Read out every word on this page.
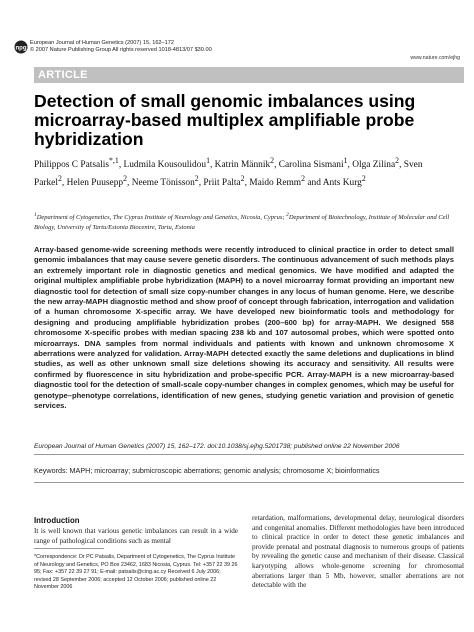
npg
European Journal of Human Genetics (2007) 15, 162–172
© 2007 Nature Publishing Group All rights reserved 1018-4813/07 $30.00
www.nature.com/ejhg
ARTICLE
Detection of small genomic imbalances using microarray-based multiplex amplifiable probe hybridization
Philippos C Patsalis$^{*,1}$, Ludmila Kousoulidou$^1$, Katrin Männik$^2$, Carolina Sismani$^1$, Olga Zilina$^2$, Sven Parkel$^2$, Helen Puusepp$^2$, Neeme Tönisson$^2$, Priit Palta$^2$, Maido Remm$^2$ and Ants Kurg$^2$
$^1$Department of Cytogenetics, The Cyprus Institute of Neurology and Genetics, Nicosia, Cyprus; $^2$Department of Biotechnology, Institute of Molecular and Cell Biology, University of Tartu/Estonia Biocentre, Tartu, Estonia
Array-based genome-wide screening methods were recently introduced to clinical practice in order to detect small genomic imbalances that may cause severe genetic disorders. The continuous advancement of such methods plays an extremely important role in diagnostic genetics and medical genomics. We have modified and adapted the original multiplex amplifiable probe hybridization (MAPH) to a novel microarray format providing an important new diagnostic tool for detection of small size copy-number changes in any locus of human genome. Here, we describe the new array-MAPH diagnostic method and show proof of concept through fabrication, interrogation and validation of a human chromosome X-specific array. We have developed new bioinformatic tools and methodology for designing and producing amplifiable hybridization probes (200–600 bp) for array-MAPH. We designed 558 chromosome X-specific probes with median spacing 238 kb and 107 autosomal probes, which were spotted onto microarrays. DNA samples from normal individuals and patients with known and unknown chromosome X aberrations were analyzed for validation. Array-MAPH detected exactly the same deletions and duplications in blind studies, as well as other unknown small size deletions showing its accuracy and sensitivity. All results were confirmed by fluorescence in situ hybridization and probe-specific PCR. Array-MAPH is a new microarray-based diagnostic tool for the detection of small-scale copy-number changes in complex genomes, which may be useful for genotype–phenotype correlations, identification of new genes, studying genetic variation and provision of genetic services.
European Journal of Human Genetics (2007) 15, 162–172. doi:10.1038/sj.ejhg.5201738; published online 22 November 2006
Keywords: MAPH; microarray; submicroscopic aberrations; genomic analysis; chromosome X; bioinformatics
Introduction
It is well known that various genetic imbalances can result in a wide range of pathological conditions such as mental
*Correspondence: Dr PC Patsalis, Department of Cytogenetics, The Cyprus Institute of Neurology and Genetics, PO Box 23462, 1683 Nicosia, Cyprus. Tel: +357 22 39 26 95; Fax: +357 22 39 27 91; E-mail: patsalis@cing.ac.cy Received 6 July 2006; revised 28 September 2006; accepted 12 October 2006; published online 22 November 2006
retardation, malformations, developmental delay, neurological disorders and congenital anomalies. Different methodologies have been introduced to clinical practice in order to detect these genetic imbalances and provide prenatal and postnatal diagnosis to numerous groups of patients by revealing the genetic cause and mechanism of their disease. Classical karyotyping allows whole-genome screening for chromosomal aberrations larger than 5 Mb, however, smaller aberrations are not detectable with the
